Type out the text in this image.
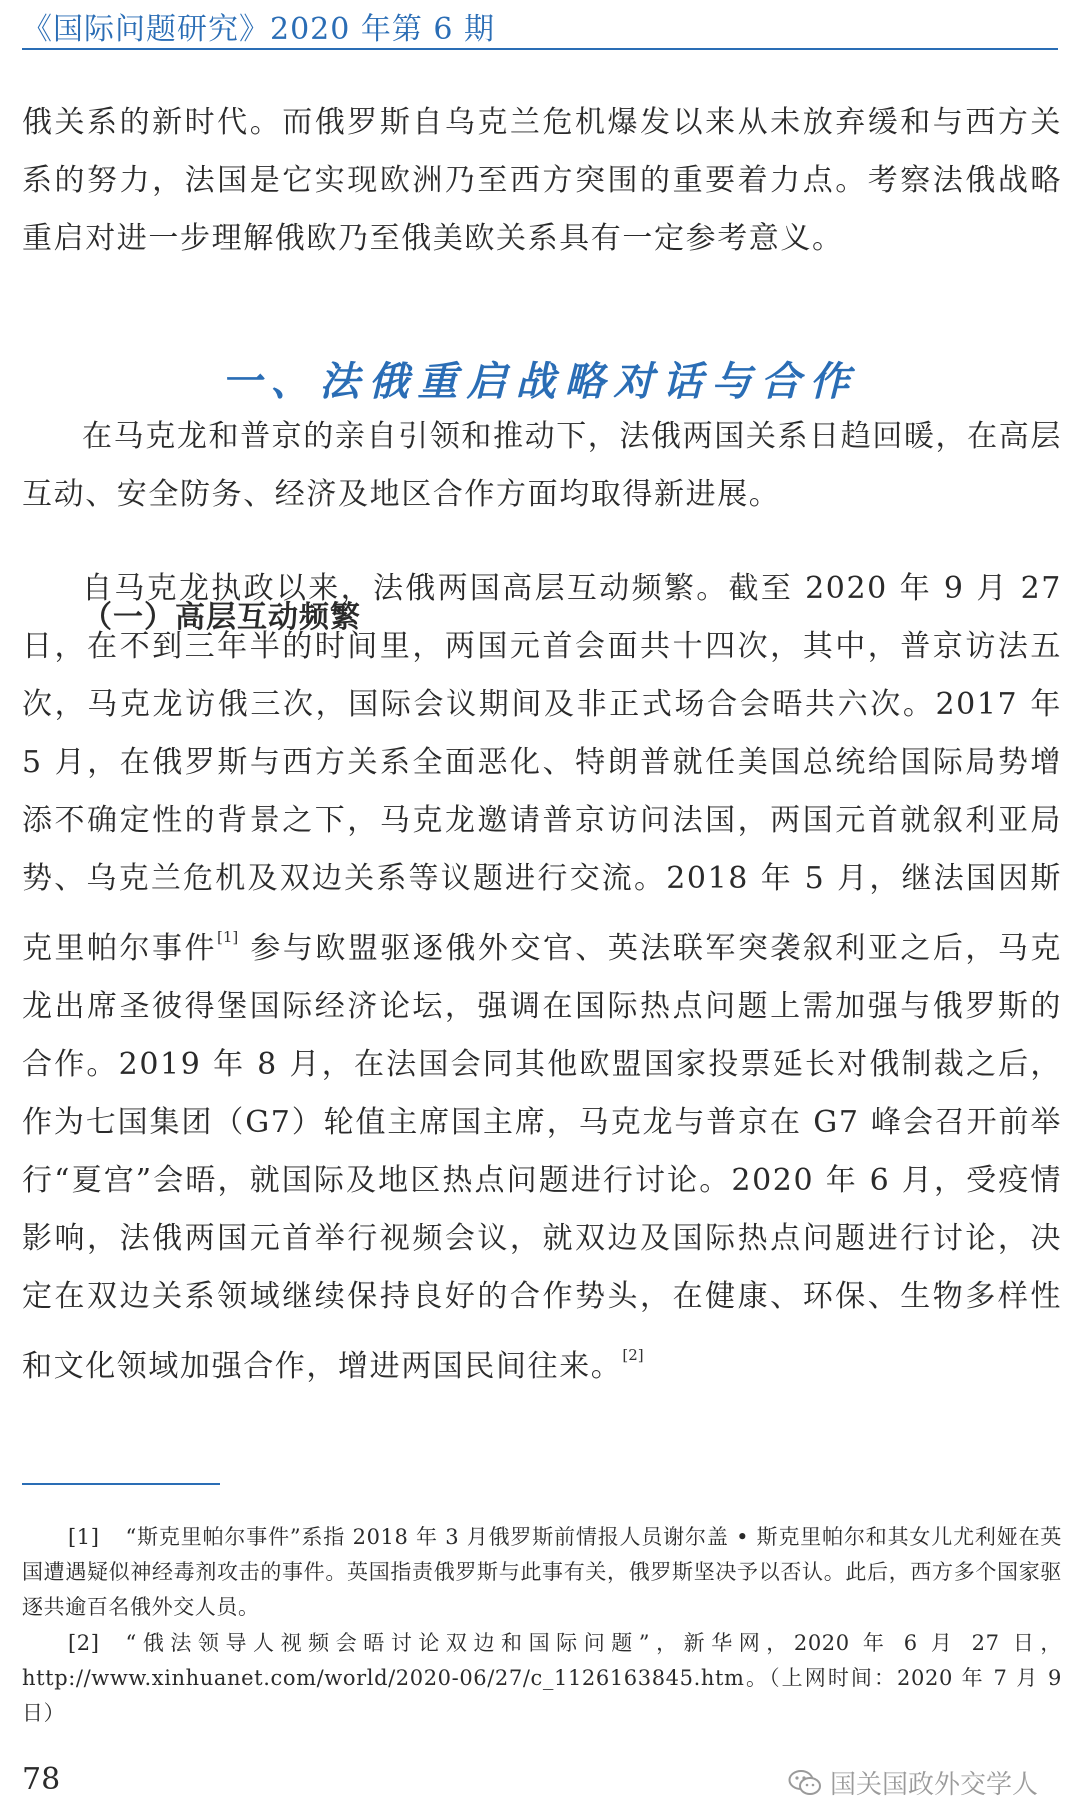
《国际问题研究》2020 年第 6 期

俄关系的新时代。而俄罗斯自乌克兰危机爆发以来从未放弃缓和与西方关系的努力，法国是它实现欧洲乃至西方突围的重要着力点。考察法俄战略重启对进一步理解俄欧乃至俄美欧关系具有一定参考意义。

一、法俄重启战略对话与合作

在马克龙和普京的亲自引领和推动下，法俄两国关系日趋回暖，在高层互动、安全防务、经济及地区合作方面均取得新进展。

（一）高层互动频繁

自马克龙执政以来，法俄两国高层互动频繁。截至 2020 年 9 月 27 日，在不到三年半的时间里，两国元首会面共十四次，其中，普京访法五次，马克龙访俄三次，国际会议期间及非正式场合会晤共六次。2017 年 5 月，在俄罗斯与西方关系全面恶化、特朗普就任美国总统给国际局势增添不确定性的背景之下，马克龙邀请普京访问法国，两国元首就叙利亚局势、乌克兰危机及双边关系等议题进行交流。2018 年 5 月，继法国因斯克里帕尔事件[1] 参与欧盟驱逐俄外交官、英法联军突袭叙利亚之后，马克龙出席圣彼得堡国际经济论坛，强调在国际热点问题上需加强与俄罗斯的合作。2019 年 8 月，在法国会同其他欧盟国家投票延长对俄制裁之后，作为七国集团（G7）轮值主席国主席，马克龙与普京在 G7 峰会召开前举行“夏宫”会晤，就国际及地区热点问题进行讨论。2020 年 6 月，受疫情影响，法俄两国元首举行视频会议，就双边及国际热点问题进行讨论，决定在双边关系领域继续保持良好的合作势头，在健康、环保、生物多样性和文化领域加强合作，增进两国民间往来。[2]

[1] “斯克里帕尔事件”系指 2018 年 3 月俄罗斯前情报人员谢尔盖 • 斯克里帕尔和其女儿尤利娅在英国遭遇疑似神经毒剂攻击的事件。英国指责俄罗斯与此事有关，俄罗斯坚决予以否认。此后，西方多个国家驱逐共逾百名俄外交人员。

[2] “俄法领导人视频会晤讨论双边和国际问题”，新华网，2020 年 6 月 27 日，http://www.xinhuanet.com/world/2020-06/27/c_1126163845.htm。（上网时间：2020 年 7 月 9 日）

78	国关国政外交学人
